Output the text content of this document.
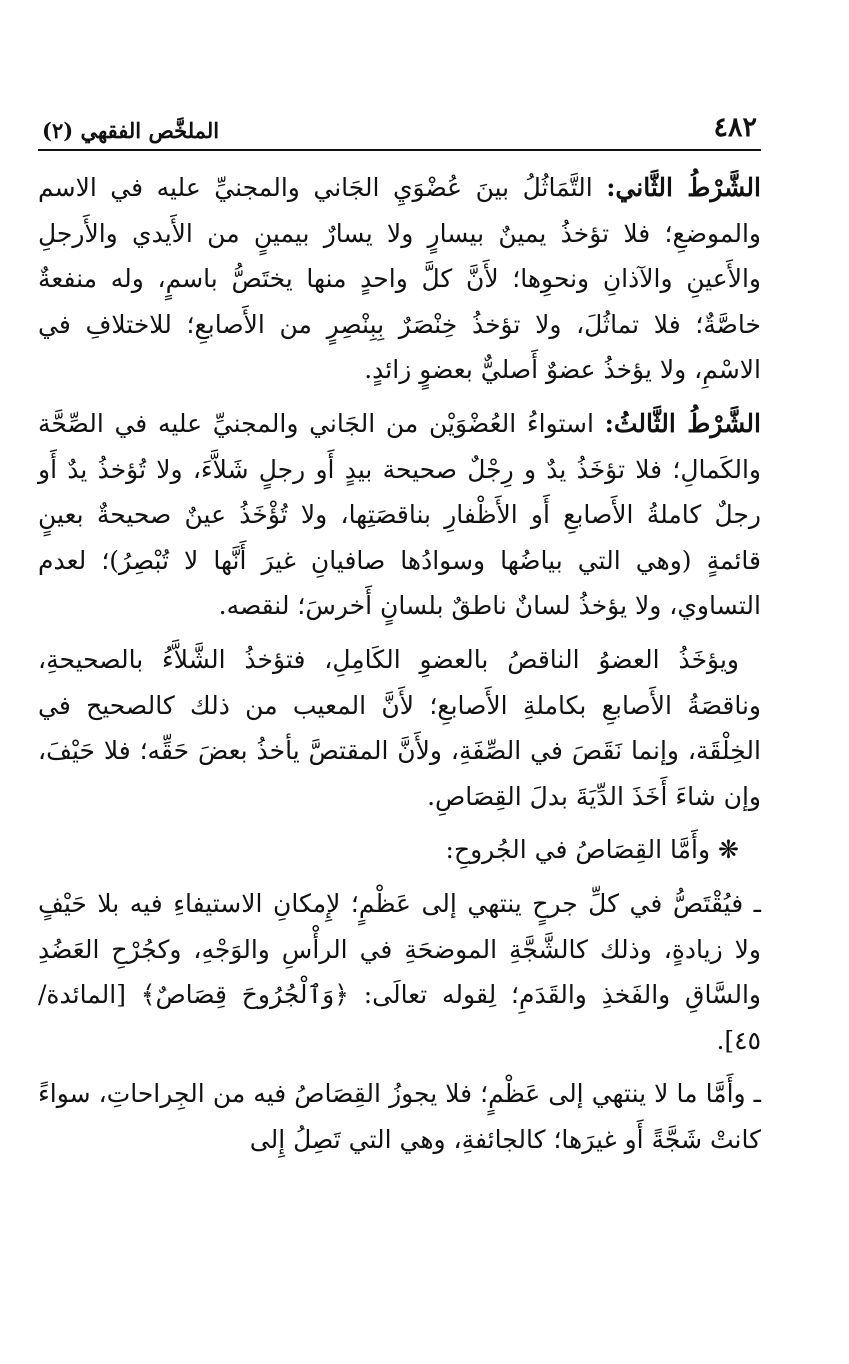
٤٨٢
الملخَّص الفقهي (٢)

الشَّرْطُ الثَّاني: التَّمَاثُلُ بينَ عُضْوَيِ الجَاني والمجنيِّ عليه في الاسم والموضعِ؛ فلا تؤخذُ يمينٌ بيسارٍ ولا يسارٌ بيمينٍ من الأَيدي والأَرجلِ والأَعينِ والآذانِ ونحوِها؛ لأَنَّ كلَّ واحدٍ منها يختَصُّ باسمٍ، وله منفعةٌ خاصَّةٌ؛ فلا تماثُلَ، ولا تؤخذُ خِنْصَرٌ بِبِنْصِرٍ من الأَصابعِ؛ للاختلافِ في الاسْمِ، ولا يؤخذُ عضوٌ أَصليٌّ بعضوٍ زائدٍ.

الشَّرْطُ الثَّالثُ: استواءُ العُضْوَيْن من الجَاني والمجنيِّ عليه في الصِّحَّة والكَمالِ؛ فلا تؤخَذُ يدٌ و رِجْلٌ صحيحة بيدٍ أَو رجلٍ شَلاَّءَ، ولا تُؤخذُ يدٌ أَو رجلٌ كاملةُ الأَصابعِ أَو الأَظْفارِ بناقصَتِها، ولا تُؤْخَذُ عينٌ صحيحةٌ بعينٍ قائمةٍ (وهي التي بياضُها وسوادُها صافيانِ غيرَ أَنَّها لا تُبْصِرُ)؛ لعدم التساوي، ولا يؤخذُ لسانٌ ناطقٌ بلسانٍ أَخرسَ؛ لنقصه.

ويؤخَذُ العضوُ الناقصُ بالعضوِ الكَامِلِ، فتؤخذُ الشَّلاَّءُ بالصحيحةِ، وناقصَةُ الأَصابعِ بكاملةِ الأَصابعِ؛ لأَنَّ المعيب من ذلك كالصحيح في الخِلْقَة، وإنما نَقَصَ في الصِّفَةِ، ولأَنَّ المقتصَّ يأخذُ بعضَ حَقِّه؛ فلا حَيْفَ، وإن شاءَ أَخَذَ الدِّيَةَ بدلَ القِصَاصِ.

❋وأَمَّا القِصَاصُ في الجُروحِ:

ـ فيُقْتَصُّ في كلِّ جرحٍ ينتهي إلى عَظْمٍ؛ لإِمكانِ الاستيفاءِ فيه بلا حَيْفٍ ولا زيادةٍ، وذلك كالشَّجَّةِ الموضحَةِ في الرأْسِ والوَجْهِ، وكجُرْحِ العَضُدِ والسَّاقِ والفَخذِ والقَدَمِ؛ لِقوله تعالَى: ﴿وَٱلْجُرُوحَ قِصَاصٌ﴾ [المائدة/ ٤٥].

ـ وأَمَّا ما لا ينتهي إلى عَظْمٍ؛ فلا يجوزُ القِصَاصُ فيه من الجِراحاتِ، سواءً كانتْ شَجَّةً أَو غيرَها؛ كالجائفةِ، وهي التي تَصِلُ إِلى
